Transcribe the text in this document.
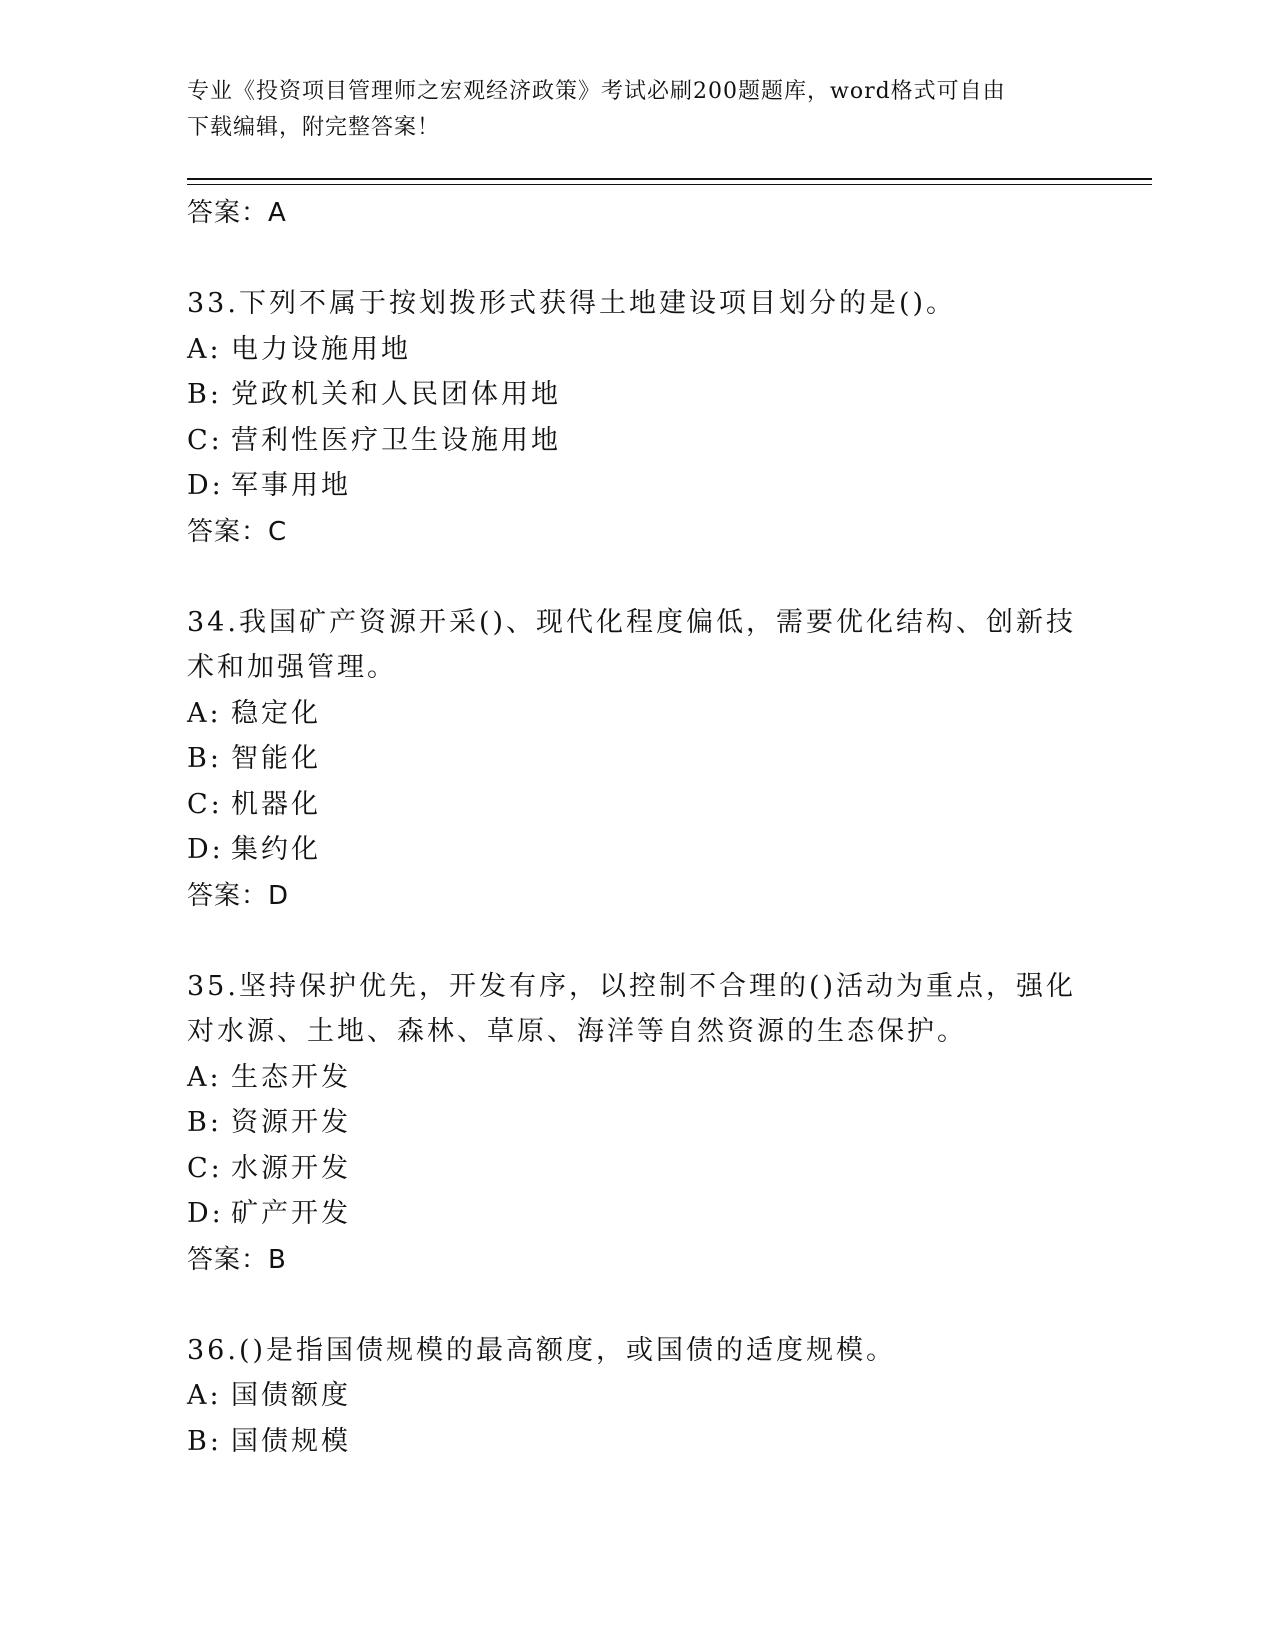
专业《投资项目管理师之宏观经济政策》考试必刷200题题库，word格式可自由
下载编辑，附完整答案！
答案：A
33.下列不属于按划拨形式获得土地建设项目划分的是()。
A: 电力设施用地
B: 党政机关和人民团体用地
C: 营利性医疗卫生设施用地
D: 军事用地
答案：C
34.我国矿产资源开采()、现代化程度偏低，需要优化结构、创新技术和加强管理。
A: 稳定化
B: 智能化
C: 机器化
D: 集约化
答案：D
35.坚持保护优先，开发有序，以控制不合理的()活动为重点，强化对水源、土地、森林、草原、海洋等自然资源的生态保护。
A: 生态开发
B: 资源开发
C: 水源开发
D: 矿产开发
答案：B
36.()是指国债规模的最高额度，或国债的适度规模。
A: 国债额度
B: 国债规模
